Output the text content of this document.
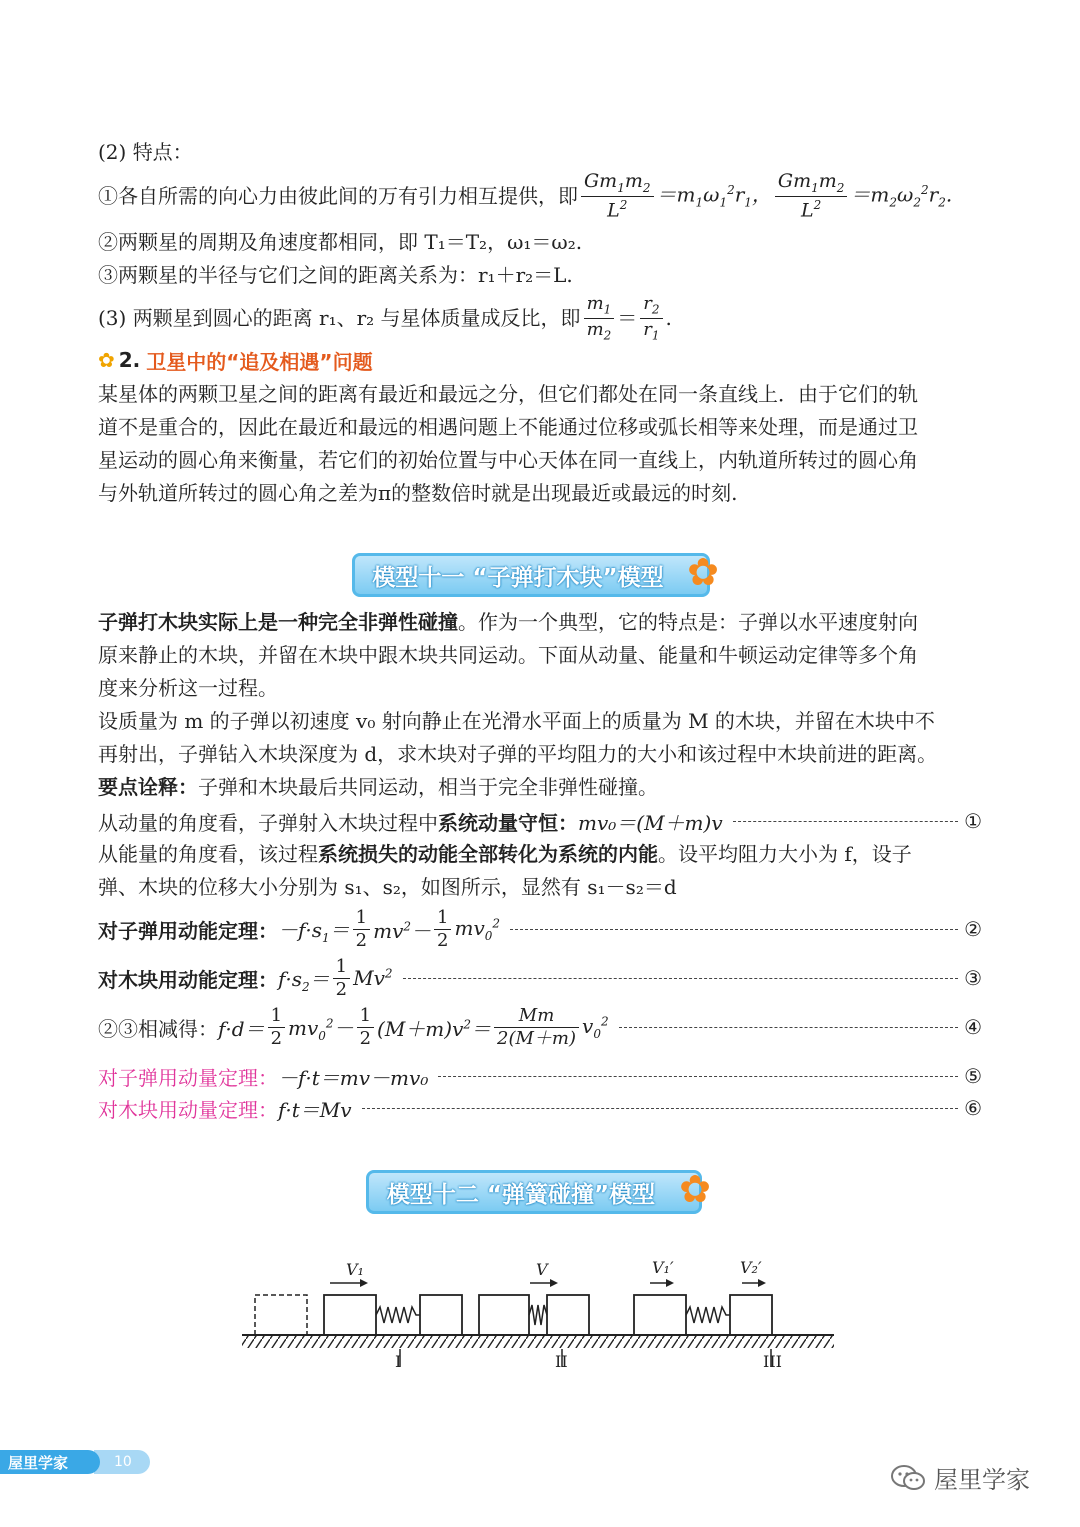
(2) 特点：
①各自所需的向心力由彼此间的万有引力相互提供，即 $\frac{Gm_1m_2}{L^2} =m_1\omega_1^2r_1$， $\frac{Gm_1m_2}{L^2} =m_2\omega_2^2r_2$.
②两颗星的周期及角速度都相同，即 T₁＝T₂，ω₁＝ω₂.
③两颗星的半径与它们之间的距离关系为：r₁＋r₂＝L.
(3) 两颗星到圆心的距离 r₁、r₂ 与星体质量成反比，即 $\frac{m_1}{m_2} = \frac{r_2}{r_1}$ .
✿ 2. 卫星中的“追及相遇”问题
某星体的两颗卫星之间的距离有最近和最远之分，但它们都处在同一条直线上．由于它们的轨
道不是重合的，因此在最近和最远的相遇问题上不能通过位移或弧长相等来处理，而是通过卫
星运动的圆心角来衡量，若它们的初始位置与中心天体在同一直线上，内轨道所转过的圆心角
与外轨道所转过的圆心角之差为π的整数倍时就是出现最近或最远的时刻.
模型十一 “子弹打木块”模型 ✿
子弹打木块实际上是一种完全非弹性碰撞。作为一个典型，它的特点是：子弹以水平速度射向
原来静止的木块，并留在木块中跟木块共同运动。下面从动量、能量和牛顿运动定律等多个角
度来分析这一过程。
设质量为 m 的子弹以初速度 v₀ 射向静止在光滑水平面上的质量为 M 的木块，并留在木块中不
再射出，子弹钻入木块深度为 d，求木块对子弹的平均阻力的大小和该过程中木块前进的距离。
要点诠释：子弹和木块最后共同运动，相当于完全非弹性碰撞。
从动量的角度看，子弹射入木块过程中 系统动量守恒： mv₀＝(M＋m)v	①
从能量的角度看，该过程系统损失的动能全部转化为系统的内能。设平均阻力大小为 f，设子
弹、木块的位移大小分别为 s₁、s₂，如图所示，显然有 s₁－s₂＝d
对子弹用动能定理： $-f\cdot s_1= \frac{1}{2} mv^2- \frac{1}{2} mv_0^2$	②
对木块用动能定理： $f\cdot s_2= \frac{1}{2} Mv^2$	③
②③相减得： $f\cdot d= \frac{1}{2} mv_0^2- \frac{1}{2} (M+m)v^2= \frac{Mm}{2(M+m)} v_0^2$	④
对子弹用动量定理： －f·t＝mv－mv₀	⑤
对木块用动量定理： f·t＝Mv	⑥
模型十二 “弹簧碰撞”模型 ✿
V₁	V	V₁′	V₂′
I	II	III
10
屋里学家
屋里学家
